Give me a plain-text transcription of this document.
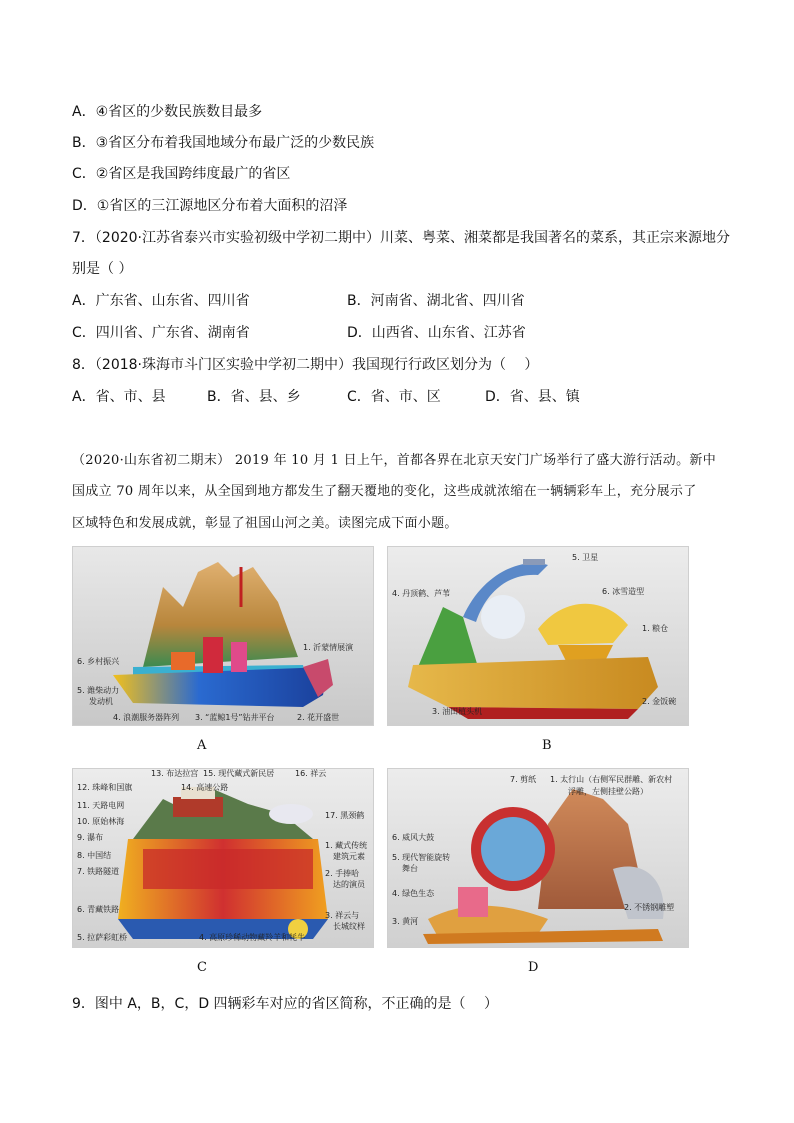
A．④省区的少数民族数目最多
B．③省区分布着我国地域分布最广泛的少数民族
C．②省区是我国跨纬度最广的省区
D．①省区的三江源地区分布着大面积的沼泽
7．（2020·江苏省泰兴市实验初级中学初二期中）川菜、粤菜、湘菜都是我国著名的菜系，其正宗来源地分
别是（ ）
A．广东省、山东省、四川省	B．河南省、湖北省、四川省
C．四川省、广东省、湖南省	D．山西省、山东省、江苏省
8．（2018·珠海市斗门区实验中学初二期中）我国现行行政区划分为（　 ）
A．省、市、县	B．省、县、乡	C．省、市、区	D．省、县、镇
（2020·山东省初二期末） 2019 年 10 月 1 日上午，首都各界在北京天安门广场举行了盛大游行活动。新中
国成立 70 周年以来，从全国到地方都发生了翻天覆地的变化，这些成就浓缩在一辆辆彩车上，充分展示了
区域特色和发展成就，彰显了祖国山河之美。读图完成下面小题。
1. 沂蒙情展演
6. 乡村振兴
5. 潍柴动力
发动机
4. 浪潮服务器阵列 3. “蓝鲸1号”钻井平台	2. 花开盛世
A
5. 卫星
4. 丹顶鹤、芦苇	6. 冰雪造型
1. 粮仓
2. 金饭碗
3. 油田植头机
B
13. 布达拉宫 15. 现代藏式新民居	16. 祥云
12. 珠峰和国旗	14. 高速公路
11. 天路电网
10. 原始林海
17. 黑颈鹤
9. 瀑布
1. 藏式传统
建筑元素
8. 中国结
7. 铁路隧道	2. 手捧哈
达的演员
6. 青藏铁路
3. 祥云与
长城纹样
5. 拉萨彩虹桥	4. 高原珍稀动物藏羚羊和牦牛
C
7. 剪纸 1. 太行山（右侧军民群雕、新农村
浮雕，左侧挂壁公路）
6. 威风大鼓
5. 现代智能旋转
舞台
4. 绿色生态
2. 不锈钢雕塑
3. 黄河
D
9．图中 A，B，C，D 四辆彩车对应的省区简称，不正确的是（　 ）
